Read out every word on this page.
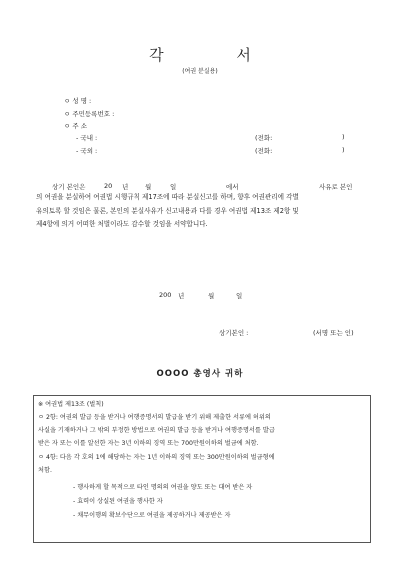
각 서
(여권 분실용)
ㅇ 성 명 :
ㅇ 주민등록번호 :
ㅇ 주 소
- 국내 :	(전화:	)
- 국외 :	(전화:	)
상기 본인은	20 년	월	일	에서	사유로 본인
의 여권을 분실하여 여권법 시행규칙 제17조에 따라 분실신고를 하며, 향후 여권관리에 각별
유의토록 할 것임은 물론, 본인의 분실사유가 신고내용과 다를 경우 여권법 제13조 제2항 및
제4항에 의거 어떠한 처벌이라도 감수할 것임을 서약합니다.
200 년	월	일
상기본인 :	(서명 또는 인)
OOOO 총영사 귀하
※ 여권법 제13조 (벌칙)
ㅇ 2항: 여권의 발급 등을 받거나 여행증명서의 발급을 받기 위해 제출한 서류에 허위의
사실을 기재하거나 그 밖의 부정한 방법으로 여권의 발급 등을 받거나 여행증명서를 발급
받은 자 또는 이를 알선한 자는 3년 이하의 징역 또는 700만원이하의 벌금에 처함.
ㅇ 4항: 다음 각 호의 1에 해당하는 자는 1년 이하의 징역 또는 300만원이하의 벌금형에
처함.
- 행사하게 할 목적으로 타인 명의의 여권을 양도 또는 대여 받은 자
- 효력이 상실된 여권을 행사한 자
- 채무이행의 확보수단으로 여권을 제공하거나 제공받은 자
